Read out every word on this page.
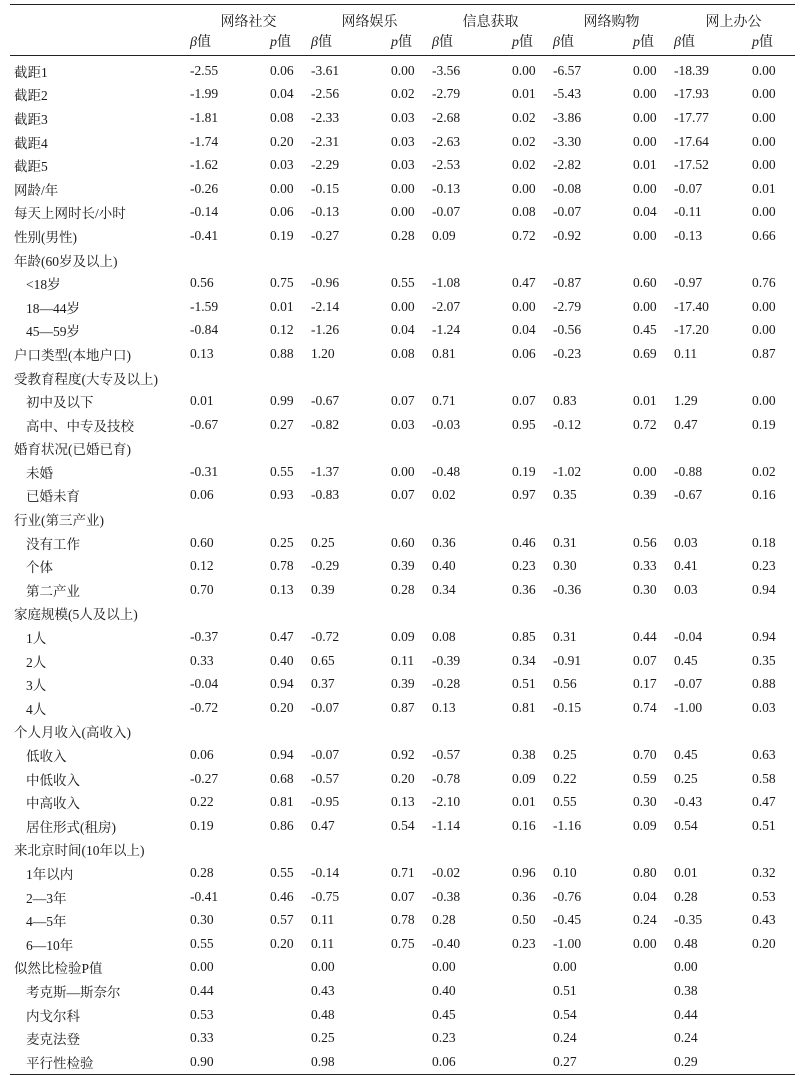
	网络社交		网络娱乐		信息获取		网络购物		网上办公	
	β值	p值	β值	p值	β值	p值	β值	p值	β值	p值
截距1	-2.55	0.06	-3.61	0.00	-3.56	0.00	-6.57	0.00	-18.39	0.00
截距2	-1.99	0.04	-2.56	0.02	-2.79	0.01	-5.43	0.00	-17.93	0.00
截距3	-1.81	0.08	-2.33	0.03	-2.68	0.02	-3.86	0.00	-17.77	0.00
截距4	-1.74	0.20	-2.31	0.03	-2.63	0.02	-3.30	0.00	-17.64	0.00
截距5	-1.62	0.03	-2.29	0.03	-2.53	0.02	-2.82	0.01	-17.52	0.00
网龄/年	-0.26	0.00	-0.15	0.00	-0.13	0.00	-0.08	0.00	-0.07	0.01
每天上网时长/小时	-0.14	0.06	-0.13	0.00	-0.07	0.08	-0.07	0.04	-0.11	0.00
性别(男性)	-0.41	0.19	-0.27	0.28	0.09	0.72	-0.92	0.00	-0.13	0.66
年龄(60岁及以上)										
<18岁	0.56	0.75	-0.96	0.55	-1.08	0.47	-0.87	0.60	-0.97	0.76
18—44岁	-1.59	0.01	-2.14	0.00	-2.07	0.00	-2.79	0.00	-17.40	0.00
45—59岁	-0.84	0.12	-1.26	0.04	-1.24	0.04	-0.56	0.45	-17.20	0.00
户口类型(本地户口)	0.13	0.88	1.20	0.08	0.81	0.06	-0.23	0.69	0.11	0.87
受教育程度(大专及以上)										
初中及以下	0.01	0.99	-0.67	0.07	0.71	0.07	0.83	0.01	1.29	0.00
高中、中专及技校	-0.67	0.27	-0.82	0.03	-0.03	0.95	-0.12	0.72	0.47	0.19
婚育状况(已婚已育)										
未婚	-0.31	0.55	-1.37	0.00	-0.48	0.19	-1.02	0.00	-0.88	0.02
已婚未育	0.06	0.93	-0.83	0.07	0.02	0.97	0.35	0.39	-0.67	0.16
行业(第三产业)										
没有工作	0.60	0.25	0.25	0.60	0.36	0.46	0.31	0.56	0.03	0.18
个体	0.12	0.78	-0.29	0.39	0.40	0.23	0.30	0.33	0.41	0.23
第二产业	0.70	0.13	0.39	0.28	0.34	0.36	-0.36	0.30	0.03	0.94
家庭规模(5人及以上)										
1人	-0.37	0.47	-0.72	0.09	0.08	0.85	0.31	0.44	-0.04	0.94
2人	0.33	0.40	0.65	0.11	-0.39	0.34	-0.91	0.07	0.45	0.35
3人	-0.04	0.94	0.37	0.39	-0.28	0.51	0.56	0.17	-0.07	0.88
4人	-0.72	0.20	-0.07	0.87	0.13	0.81	-0.15	0.74	-1.00	0.03
个人月收入(高收入)										
低收入	0.06	0.94	-0.07	0.92	-0.57	0.38	0.25	0.70	0.45	0.63
中低收入	-0.27	0.68	-0.57	0.20	-0.78	0.09	0.22	0.59	0.25	0.58
中高收入	0.22	0.81	-0.95	0.13	-2.10	0.01	0.55	0.30	-0.43	0.47
居住形式(租房)	0.19	0.86	0.47	0.54	-1.14	0.16	-1.16	0.09	0.54	0.51
来北京时间(10年以上)										
1年以内	0.28	0.55	-0.14	0.71	-0.02	0.96	0.10	0.80	0.01	0.32
2—3年	-0.41	0.46	-0.75	0.07	-0.38	0.36	-0.76	0.04	0.28	0.53
4—5年	0.30	0.57	0.11	0.78	0.28	0.50	-0.45	0.24	-0.35	0.43
6—10年	0.55	0.20	0.11	0.75	-0.40	0.23	-1.00	0.00	0.48	0.20
似然比检验P值	0.00		0.00		0.00		0.00		0.00	
考克斯—斯奈尔	0.44		0.43		0.40		0.51		0.38	
内戈尔科	0.53		0.48		0.45		0.54		0.44	
麦克法登	0.33		0.25		0.23		0.24		0.24	
平行性检验	0.90		0.98		0.06		0.27		0.29	
